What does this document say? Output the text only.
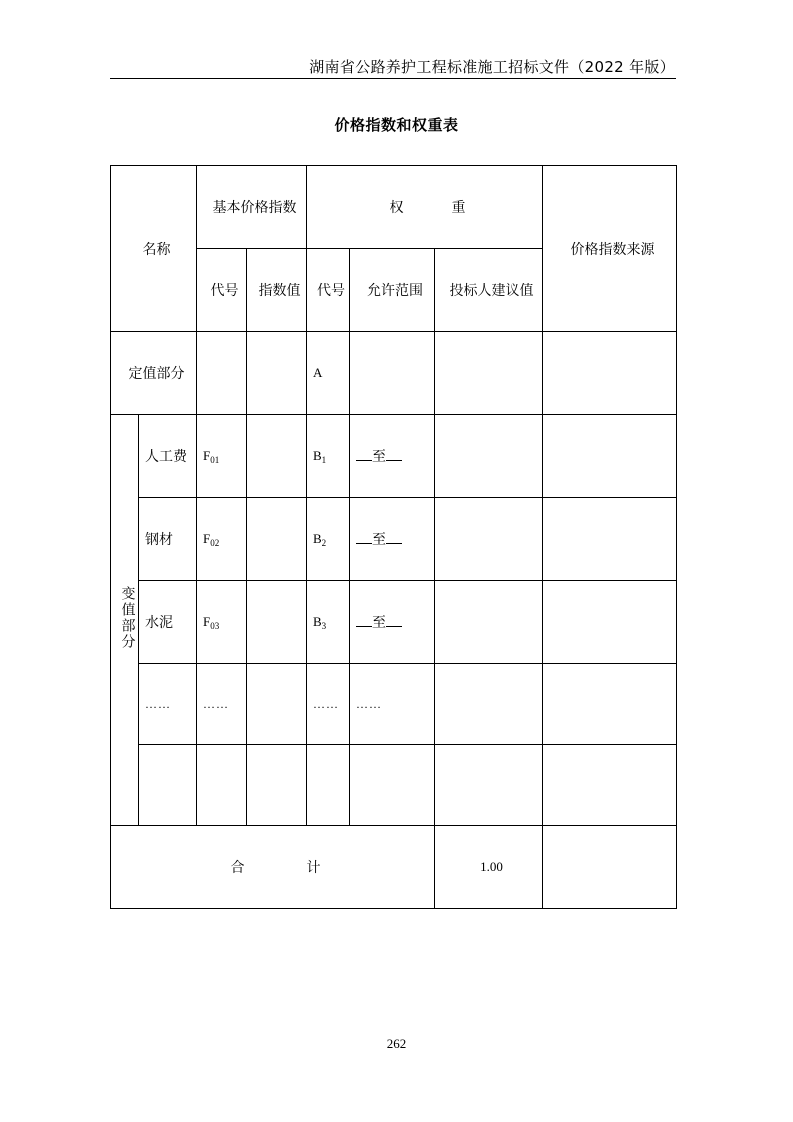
湖南省公路养护工程标准施工招标文件（2022 年版）
价格指数和权重表
名称		基本价格指数		权重			价格指数来源
		代号	指数值	代号	允许范围	投标人建议值	
定值部分				A			
变值部分	人工费	$F_{01}$		$B_1$	至		
	钢材	$F_{02}$		$B_2$	至		
	水泥	$F_{03}$		$B_3$	至		
	……	……		……	……		

合计						1.00	
262
